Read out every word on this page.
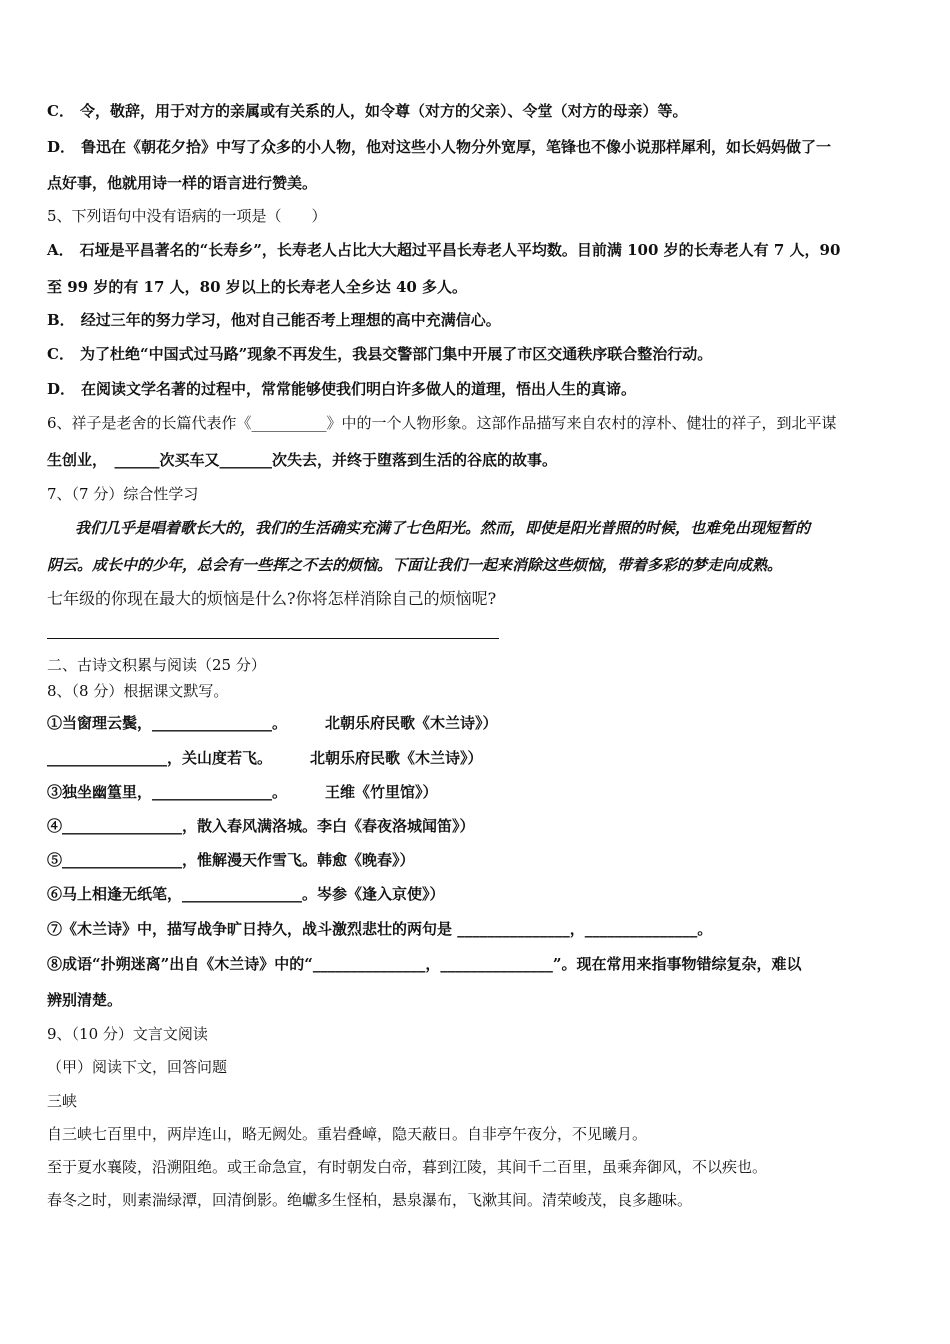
C． 令，敬辞，用于对方的亲属或有关系的人，如令尊（对方的父亲）、令堂（对方的母亲）等。
D． 鲁迅在《朝花夕拾》中写了众多的小人物，他对这些小人物分外宽厚，笔锋也不像小说那样犀利，如长妈妈做了一
点好事，他就用诗一样的语言进行赞美。
5、下列语句中没有语病的一项是（　　）
A． 石垭是平昌著名的“长寿乡”，长寿老人占比大大超过平昌长寿老人平均数。目前满 100 岁的长寿老人有 7 人，90
至 99 岁的有 17 人，80 岁以上的长寿老人全乡达 40 多人。
B． 经过三年的努力学习，他对自己能否考上理想的高中充满信心。
C． 为了杜绝“中国式过马路”现象不再发生，我县交警部门集中开展了市区交通秩序联合整治行动。
D． 在阅读文学名著的过程中，常常能够使我们明白许多做人的道理，悟出人生的真谛。
6、祥子是老舍的长篇代表作《__________》中的一个人物形象。这部作品描写来自农村的淳朴、健壮的祥子，到北平谋
生创业，　______次买车又_______次失去，并终于堕落到生活的谷底的故事。
7、（7 分）综合性学习
我们几乎是唱着歌长大的，我们的生活确实充满了七色阳光。然而，即使是阳光普照的时候，也难免出现短暂的
阴云。成长中的少年，总会有一些挥之不去的烦恼。下面让我们一起来消除这些烦恼，带着多彩的梦走向成熟。
七年级的你现在最大的烦恼是什么?你将怎样消除自己的烦恼呢?
二、古诗文积累与阅读（25 分）
8、（8 分）根据课文默写。
①当窗理云鬓，________________。	北朝乐府民歌《木兰诗》）
________________，关山度若飞。	北朝乐府民歌《木兰诗》）
③独坐幽篁里，________________。	王维《竹里馆》）
④________________，散入春风满洛城。李白《春夜洛城闻笛》）
⑤________________，惟解漫天作雪飞。韩愈《晚春》）
⑥马上相逢无纸笔，________________。岑参《逢入京使》）
⑦《木兰诗》中，描写战争旷日持久，战斗激烈悲壮的两句是 _______________，_______________。
⑧成语“扑朔迷离”出自《木兰诗》中的“_______________，_______________”。现在常用来指事物错综复杂，难以
辨别清楚。
9、（10 分）文言文阅读
（甲）阅读下文，回答问题
三峡
自三峡七百里中，两岸连山，略无阙处。重岩叠嶂，隐天蔽日。自非亭午夜分，不见曦月。
至于夏水襄陵，沿溯阻绝。或王命急宣，有时朝发白帝，暮到江陵，其间千二百里，虽乘奔御风，不以疾也。
春冬之时，则素湍绿潭，回清倒影。绝巘多生怪柏，悬泉瀑布，飞漱其间。清荣峻茂，良多趣味。
